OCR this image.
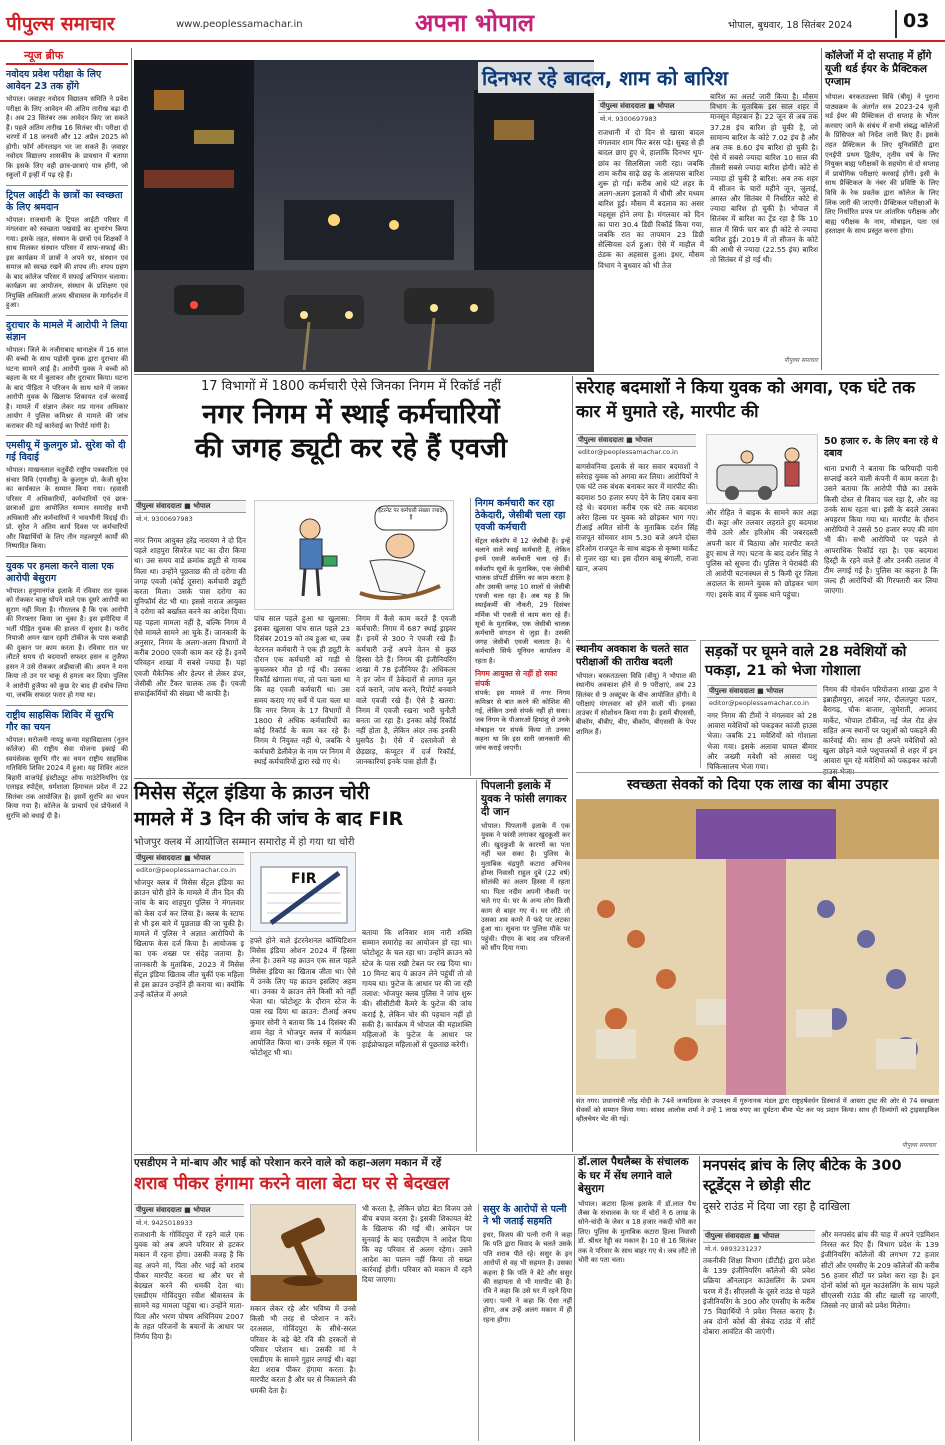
पीपुल्स समाचार	www.peoplessamachar.in	अपना भोपाल	भोपाल, बुधवार, 18 सितंबर 2024	03
न्यूज ब्रीफ
नवोदय प्रवेश परीक्षा के लिए आवेदन 23 तक होंगे
भोपाल। जवाहर नवोदय विद्यालय समिति ने प्रवेश परीक्षा के लिए आवेदन की अंतिम तारीख बढ़ा दी है। अब 23 सितंबर तक आवेदन किए जा सकते हैं। पहले अंतिम तारीख 16 सितंबर थी। परीक्षा दो चरणों में 18 जनवरी और 12 अप्रैल 2025 को होगी। फॉर्म ऑनलाइन भर जा सकते हैं। जवाहर नवोदय विद्यालय शासकीय के प्रावधान में बताया कि इसके लिए वही छात्र-छात्राएं पात्र होंगी, जो स्कूलों में इन्हीं में पढ़ रहे हैं।
ट्रिपल आईटी के छात्रों का स्वच्छता के लिए श्रमदान
भोपाल। राजधानी के ट्रिपल आईटी परिसर में मंगलवार को स्वच्छता पखवाड़े का शुभारंभ किया गया। इसके तहत, संस्थान के छात्रों एवं शिक्षकों ने साथ मिलकर संस्थान परिसर में साफ-सफाई की। इस कार्यक्रम में छात्रों ने अपने घर, संस्थान एवं समाज को स्वच्छ रखने की शपथ ली। शपथ ग्रहण के बाद कॉलेज परिसर में सफाई अभियान चलाया। कार्यक्रम का आयोजन, संस्थान के प्रशिक्षण एवं नियुक्ति अधिकारी अजय श्रीवास्तव के मार्गदर्शन में हुआ।
दुराचार के मामले में आरोपी ने लिया संज्ञान
भोपाल। जिले के नजीराबाद थानाक्षेत्र में 16 साल की बच्ची के साथ पड़ोसी युवक द्वारा दुराचार की घटना सामने आई है। आरोपी युवक ने बच्ची को बहला के घर में बुलाकर और दुराचार किया। घटना के बाद पीड़िता ने परिजन के साथ थाने में जाकर आरोपी युवक के खिलाफ शिकायत दर्ज करवाई है। मामले में संज्ञान लेकर मप्र मानव अधिकार आयोग ने पुलिस कमिश्नर से मामले की जांच कराकर की गई कार्रवाई का रिपोर्ट मांगी है।
एमसीयू में कुलगुरु प्रो. सुरेश को दी गई विदाई
भोपाल। माखनलाल चतुर्वेदी राष्ट्रीय पत्रकारिता एवं संचार विवि (एमसीयू) के कुलगुरु प्रो. केजी सुरेश का कार्यकाल के सम्मान किया गया। रहवासी परिसर में अधिकारियों, कर्मचारियों एवं छात्र-छात्राओं द्वारा आयोजित सम्मान समारोह सभी अधिकारी और कर्मचारियों ने भावभीनी विदाई दी। प्रो. सुरेश ने अंतिम कार्य दिवस पर कर्मचारियों और विद्यार्थियों के लिए तीन महत्वपूर्ण कार्यों की निष्पादित किया।
युवक पर हमला करने वाला एक आरोपी बेसुराग
भोपाल। हनुमानगंज इलाके में रविवार रात युवक को रोककर चाकू घोंपने वाले एक दूसरे आरोपी का सुराग नहीं मिला है। गौरतलब है कि एक आरोपी की गिरफ्तार किया जा चुका है। इस हमीदिया में भर्ती पीड़ित युवक की हालत में सुधार है। फरोद नियाजी अमन खान रहमी टॉकीज के पास कबाड़ी की दुकान पर काम करता है। रविवार रात घर लौटते समय दो बदमाशों सफदर हसन व तुजैफा हसन ने उसे रोककर अड़ीबाजी की। अमन ने मना किया तो उन पर चाकू से हमला कर दिया। पुलिस ने आरोपी हुजैफा को कुछ देर बाद ही दबोच लिया था, जबकि सफदर फरार हो गया था।
राष्ट्रीय साहसिक शिविर में सुरभि गौर का चयन
भोपाल। सरोजनी नायडू कन्या महाविद्यालय (नूतन कॉलेज) की राष्ट्रीय सेवा योजना इकाई की स्वयंसेवक सुरभि गौर का चयन राष्ट्रीय साहसिक गतिविधि शिविर 2024 में हुआ। यह शिविर अटल बिहारी वाजपेई इंस्टीट्यूट ऑफ माउंटेनियरिंग एंड एलाइड स्पोर्ट्स, धर्मशाला हिमाचल प्रदेश में 22 सितंबर तक आयोजित है। इसमें सुरभि का चयन किया गया है। कॉलेज के प्राचार्य एवं प्रोफेसर्स ने सुरभि को बधाई दी है।
दिनभर रहे बादल, शाम को बारिश
पीपुल्स संवाददाता ■ भोपाल
मो.नं. 9300697983
राजधानी में दो दिन से खासा बादल मंगलवार शाम फिर बरस पड़े। सुबह से ही बादल छाए हुए थे, हालांकि दिनभर धूप-छांव का सिलसिला जारी रहा। जबकि शाम करीब साढ़े छह के आसपास बारिश शुरू हो गई। करीब आधे घंटे शहर के अलग-अलग इलाकों में धीमी और मध्यम बारिश हुई। मौसम में बदलाव का असर महसूस होने लगा है। मंगलवार को दिन का पारा 30.4 डिग्री रिकॉर्ड किया गया, जबकि रात का तापमान 23 डिग्री सेल्सियस दर्ज हुआ। ऐसे में माहौल में ठंडक का अहसास हुआ। इधर, मौसम विभाग ने बुधवार को भी तेज
बारिश का अलर्ट जारी किया है। मौसम विभाग के मुताबिक इस साल शहर में मानसून मेहरबान है। 22 जून से अब तक 37.28 इंच बारिश हो चुकी है, जो सामान्य बारिश के कोटे 7.02 इंच है और अब तक 8.60 इंच बारिश हो चुकी है। ऐसे में सबसे ज्यादा बारिश 10 साल की तीसरी सबसे ज्यादा बारिश होगी। कोटे से ज्यादा हो चुकी है बारिश: अब तक शहर में सीजन के चारों महीने जून, जुलाई, अगस्त और सितंबर में निर्धारित कोटे से ज्यादा बारिश हो चुकी है। भोपाल में सितंबर में बारिश का ट्रेंड रहा है कि 10 साल में सिर्फ चार बार ही कोटे से ज्यादा बारिश हुई। 2019 में तो सीजन के कोटे की आधी से ज्यादा (22.55 इंच) बारिश तो सितंबर में हो गई थी।
पीपुल्स समाचार
कॉलेजों में दो सप्ताह में होंगे यूजी थर्ड ईयर के प्रैक्टिकल एग्जाम
भोपाल। बरकतउल्ला विवि (बीयू) ने पुराना पाठ्यक्रम के अंतर्गत सत्र 2023-24 यूजी थर्ड ईयर की प्रैक्टिकल दो सप्ताह के भीतर करवाए जाने के संबंध में सभी संबद्ध कॉलेजों के प्रिंसिपल को निर्देश जारी किए हैं। इसके तहत प्रैक्टिकल के लिए यूनिवर्सिटी द्वारा एनईपी प्रथम द्वितीय, तृतीय वर्ष के लिए नियुक्त बाह्य परीक्षकों के सहयोग से दो सप्ताह में प्रायोगिक परीक्षाएं करवाई होंगी। इसी के साथ प्रैक्टिकल के नंबर की प्रविष्टि के लिए विधि के रेक प्रवर्तक द्वारा कॉलेज के लिए लिंक जारी की जाएगी। प्रैक्टिकल परीक्षाओं के लिए निर्धारित प्रपत्र पर आंतरिक परीक्षक और बाह्य परीक्षक के नाम, मोबाइल, पता एवं हस्ताक्षर के साथ प्रस्तुत करना होगा।
17 विभागों में 1800 कर्मचारी ऐसे जिनका निगम में रिकॉर्ड नहीं
नगर निगम में स्थाई कर्मचारियों
की जगह ड्यूटी कर रहे हैं एवजी
पीपुल्स संवाददाता ■ भोपाल
मो.नं. 9300697983
ईंटरनेट पर कर्मचारी संख्या ज्यादा है
नगर निगम आयुक्त हरेंद्र नारायण ने दो दिन पहले शाहपुरा सिवरेज घाट का दौरा किया था। उस समय वार्ड क्रमांक ड्यूटी से गायब मिला था। उन्होंने पूछताछ की तो दरोगा की जगह एवजी (कोई दूसरा) कर्मचारी ड्यूटी करता मिला। उसके पास दरोगा का यूनिफॉर्म सेट भी था। इससे नाराज आयुक्त ने दरोगा को बर्खास्त करने का आदेश दिया। यह पहला मामला नहीं है, बल्कि निगम में ऐसे मामले सामने आ चुके हैं। जानकारी के अनुसार, निगम के अलग-अलग विभागों में करीब 2000 एवजी काम कर रहे हैं। इनमें परिवहन शाखा में सबसे ज्यादा हैं। यहां एवजी मैकेनिक और हेल्पर से लेकर डंपर, जेसीबी और टैंकर चालक तक हैं। एवजी सफाईकर्मियों की संख्या भी काफी है।
पांच साल पहले हुआ था खुलासा: इसका खुलासा पांच साल पहले 23 दिसंबर 2019 को तब हुआ था, जब वेटरनल कर्मचारी ने एक ही ड्यूटी के दौरान एक कर्मचारी को गाड़ी से कुचलकर मौत हो गई थी। उसका रिकॉर्ड खंगाला गया, तो पता चला था कि वह एवजी कर्मचारी था। उस समय कराए गए सर्वे में पता चला था कि नगर निगम के 17 विभागों में 1800 से अधिक कर्मचारियों का कोई रिकॉर्ड के काम कर रहे हैं। निगम मे नियुक्त नहीं थे, जबकि ये कर्मचारी डेलीवेज़ के नाम पर निगम में स्थाई कर्मचारियों द्वारा रखे गए थे।
निगम में कैसे काम करते हैं एवजी कर्मचारी: निगम में 687 स्थाई ड्राइवर हैं। इनमें से 300 ने एवजी रखे हैं। कर्मचारी उन्हें अपने वेतन से कुछ हिस्सा देते हैं। निगम की इंजीनियरिंग शाखा में 78 इंजीनियर हैं। अधिकतर ने हर जोन में ठेकेदारों से लागत मूल दर्ज कराने, जांच करने, रिपोर्ट बनवाने वाले एवजी रखे हैं। ऐसे है खतरा: निगम में एवजी रखना भारी चुनौती बनता जा रहा है। इनका कोई रिकॉर्ड नहीं होता है, लेकिन अंदर तक इनकी घुसपैठ है। ऐसे में दस्तावेजों से छेड़छाड़, कंप्यूटर में दर्ज रिकॉर्ड, जानकारियां इनके पास होती हैं।
निगम कर्मचारी कर रहा ठेकेदारी, जेसीबी चला रहा एवजी कर्मचारी
सेंट्रल वर्कशॉप में 12 जेसीबी हैं। इन्हें चलाने वाले स्थाई कर्मचारी हैं, लेकिन इनमें एवजी कर्मचारी चला रहे हैं। वर्कशॉप सूत्रों के मुताबिक, एक जेसीबी चालक प्रॉपर्टी डीलिंग का काम करता है और उसकी जगह 10 सालों से जेसीबी एवजी चला रहा है। अब यह है कि स्थाईकर्मी की नौकरी, 29 दिसंबर मर्मिक भी एवजी से काम करा रहे हैं। सूत्रों के मुताबिक, एक जेसीबी चालक कर्मचारी संगठन से जुड़ा है। उसकी जगह जेसीबी एवजी चलाता है। ये कर्मचारी सिर्फ यूनियन कार्यालय में रहता है।
निगम आयुक्त से नहीं हो सका संपर्क
संपर्क: इस मामले में नगर निगम कमिश्नर से बात करने की कोशिश की गई, लेकिन उनसे संपर्क नहीं हो सका। जब निगम के पीआरओ हिमांशु से उनके मोबाइल पर संपर्क किया तो उनका कहना था कि इस सारी जानकारी की जांच कराई जाएगी।
सरेराह बदमाशों ने किया युवक को अगवा, एक घंटे तक कार में घुमाते रहे, मारपीट की
पीपुल्स संवाददाता ■ भोपाल
editor@peoplessamachar.co.in
बागसेवनिया इलाके से कार सवार बदमाशों ने सरेराह युवक को अगवा कर लिया। आरोपियों ने एक घंटे तक बंधक बनाकर कार में मारपीट की। बदमाश 50 हजार रुपए देने के लिए दबाव बना रहे थे। बदमाश करीब एक घंटे तक बदमाश अरेरा हिल्स पर युवक को छोड़कर भाग गए। टीआई अमित सोनी के मुताबिक दर्शन सिंह राजपूत सोमवार शाम 5.30 बजे अपने दोस्त हरिओम राजपूत के साथ बाइक से कृष्णा मार्केट से गुजर रहा था। इस दौरान बाबू बंगाली, राजा खान, अजय
50 हजार रु. के लिए बना रहे थे दबाव
और रोहित ने बाइक के सामने कार अड़ा दी। कट्टा और तलवार लहराते हुए बदमाश नीचे उतरे और हरिओम की जबरदस्ती अपनी कार में बिठाया और मारपीट करते हुए साथ ले गए। घटना के बाद दर्शन सिंह ने पुलिस को सूचना दी। पुलिस ने घेराबंदी की तो आरोपी घटनास्थल से 5 किमी दूर जिला अदालत के सामने युवक को छोड़कर भाग गए। इसके बाद में युवक थाने पहुंचा।
थाना प्रभारी ने बताया कि फरियादी पानी सप्लाई करने वाली कंपनी में काम करता है। उसने बताया कि आरोपी पीछे का उसके किसी दोस्त से विवाद चल रहा है, और वह उनके साथ रहता था। इसी के बदले उसका अपहरण किया गया था। मारपीट के दौरान आरोपियों ने उससे 50 हजार रुपए की मांग भी की। सभी आरोपियों पर पहले से आपराधिक रिकॉर्ड रहा है। एक बदमाश हिस्ट्री के रहने वाले हैं और उनकी तलाश में टीम लगाई गई है। पुलिस का कहना है कि जल्द ही आरोपियों की गिरफ्तारी कर लिया जाएगा।
स्थानीय अवकाश के चलते सात परीक्षाओं की तारीख बदली
भोपाल। बरकतउल्ला विवि (बीयू) ने भोपाल की स्थानीय अवकाश होने से 9 परीक्षाएं, अब 23 सितंबर से 9 अक्टूबर के बीच आयोजित होंगी। ये परीक्षाएं मंगलवार को होने वाली थीं। इनका ताउंबर में सोशोधन किया गया है। इसमें बीएससी, बीकॉम, बीबीए, बीए, बीकॉम, बीएससी के पेपर शामिल हैं।
सड़कों पर घूमने वाले 28 मवेशियों को पकड़ा, 21 को भेजा गोशाला
पीपुल्स संवाददाता ■ भोपाल
editor@peoplessamachar.co.in
नगर निगम की टीमों ने मंगलवार को 28 आवारा मवेशियों को पकड़कर कांजी हाउस भेजा। जबकि 21 मवेशियों को गोशाला भेजा गया। इसके अलावा घायल बीमार और जख्मी मवेशी को आसरा पशु चिकित्सालय भेजा गया।
निगम की गोवर्धन परियोजना शाखा द्वारा ने इब्राहीमपुरा, आदर्श नगर, दौलतपुरा पठार, बैरागढ़, चौक बाजार, जुमेराती, आजाद मार्केट, भोपाल टॉकीज, नई जेल रोड क्षेत्र सहित अन्य स्थानों पर पशुओं को पकड़ने की कार्रवाई की। साथ ही अपने मवेशियों को खुला छोड़ने वाले पशुपालकों से शहर में इन आवारा घूम रहे मवेशियों को पकड़कर कांजी हाउस भेजा।
मिसेस सेंट्रल इंडिया के क्राउन चोरी
मामले में 3 दिन की जांच के बाद FIR
भोजपुर क्लब में आयोजित सम्मान समारोह में हो गया था चोरी
पीपुल्स संवाददाता ■ भोपाल
editor@peoplessamachar.co.in
भोजपुर क्लब में मिसेस सेंट्रल इंडिया का क्राउन चोरी होने के मामले में तीन दिन की जांच के बाद शाहपुरा पुलिस ने मंगलवार को केस दर्ज कर लिया है। क्लब के स्टाफ से भी इस बारे में पूछताछ की जा चुकी है। मामले में पुलिस ने अज्ञात आरोपियों के खिलाफ केस दर्ज किया है। आयोजक इ का एक शख्स पर संदेह जताया है। जानकारी के मुताबिक, 2023 में मिसेस सेंट्रल इंडिया खिताब जीत चुकीं एक महिला से इस क्राउन उन्होंने ही कराया था। क्योंकि उन्हें कॉलेज में अगले
FIR
हफ्ते होने वाले इंटरनेशनल कॉम्पिटिशन मिसेस इंडिया ओशन 2024 में हिस्सा लेना है। उसने यह क्राउन एक साल पहले मिसेस इंडिया का खिताब जीता था। ऐसे में उनके लिए यह क्राउन इसलिए अहम था। उनका ये क्राउन लेने किसी को नहीं भेजा था। फोटोशूट के दौरान स्टेज के पास रख दिया था क्राउन: टीआई अवध कुमार सोनी ने बताया कि 14 दिसंबर की शाम नेहा ने भोजपुर क्लब में कार्यक्रम आयोजित किया था। उनके स्कूल में एक फोटोशूट भी था।
बताया कि शनिवार शाम नारी शक्ति सम्मान समारोह का आयोजन हो रहा था। फोटोशूट के चल रहा था। उन्होंने क्राउन को स्टेज के पास रखी टेबल पर रख दिया था। 10 मिनट बाद ये क्राउन लेने पहुंचीं तो वो गायब था। फुटेज के आधार पर की जा रही तलाश: भोजपुर क्लब पुलिस ने जांच शुरू की। सीसीटीवी कैमरे के फुटेज की जांच कराई है, लेकिन चोर की पहचान नहीं हो सकी है। कार्यक्रम में भोपाल की महाशक्ति महिलाओं के फुटेज के आधार पर हाईप्रोफाइल महिलाओं से पूछताछ करेगी।
पिपलानी इलाके में युवक ने फांसी लगाकर दी जान
भोपाल। पिपलानी इलाके में एक युवक ने फांसी लगाकर खुदकुशी कर ली। खुदकुशी के कारणों का पता नहीं चल सका है। पुलिस के मुताबिक चंद्रपुरी कटारा अभिनव होम्स निवासी राहुल दुबे (22 वर्ष) सोलंकी का अलग हिस्सा में रहता था। पिता नदीम अपनी नौकरी पर चले गए थे। घर के अन्य लोग किसी काम से बाहर गए थे। घर लौटे तो उसका शव कमरे में फंदे पर लटका हुआ था। सूचना पर पुलिस मौके पर पहुंची। पीएम के बाद शव परिजनों को सौंप दिया गया।
स्वच्छता सेवकों को दिया एक लाख का बीमा उपहार
संत नगर। प्रधानमंत्री नरेंद्र मोदी के 74वें जन्मदिवस के उपलक्ष्य में गुरुनानक मंडल द्वारा राष्ट्रहर्षवर्धन डिस्चार्ज में आसरा ट्रस्ट की ओर से 74 स्वच्छता सेवकों को सम्मान किया गया। सांसद आलोक शर्मा ने उन्हें 1 लाख रुपए का दुर्घटना बीमा भेंट कर पद प्रदान किया। साथ ही दिव्यांगों को ट्राइसाइकिल व्हीलचेयर भेंट की गई।
पीपुल्स समाचार
एसडीएम ने मां-बाप और भाई को परेशान करने वाले को कहा-अलग मकान में रहें
शराब पीकर हंगामा करने वाला बेटा घर से बेदखल
पीपुल्स संवाददाता ■ भोपाल
मो.नं. 9425018933
राजधानी के गोविंदपुरा में रहने वाले एक युवक को अब अपने परिवार से हटकर मकान में रहना होगा। उसकी वजह है कि वह अपने मां, पिता और भाई को शराब पीकर मारपीट करता था और घर से बेदखल करने की धमकी देता था। एसडीएम गोविंदपुरा रवीश श्रीवास्तव के सामने यह मामला पहुंचा था। उन्होंने माता-पिता और भरण पोषण अधिनियम 2007 के तहत परिजनों के बयानों के आधार पर निर्णय दिया है।
मकान लेकर रहे और भविष्य में उनसे किसी भी तरह से परेशान न करें। दरअसल, गोविंदपुरा के सीधे-सरल परिवार के बड़े बेटे रवि की हरकतों से परिवार परेशान था। उसकी मां ने एसडीएम के सामने गुहार लगाई थी। बड़ा बेटा शराब पीकर हंगामा करता है। मारपीट करता है और घर से निकालने की धमकी देता है।
भी करता है, लेकिन छोटा बेटा विजय उसे बीच बचाव करता है। इसकी शिकायत बेटे के खिलाफ की गई थी। आवेदन पर सुनवाई के बाद एसडीएम ने आदेश दिया कि वह परिवार से अलग रहेगा। उसने आदेश का पालन नहीं किया तो सख्त कार्रवाई होगी। परिवार को मकान में रहने दिया जाएगा।
ससुर के आरोपों से पत्नी ने भी जताई सहमति
इधर, विजय की पत्नी रानी ने कहा कि पति द्वारा विवाद के चलते उसके पति शराब पीते रहे। ससुर के इन आरोपों से वह भी सहमत है। उसका कहना है कि पति ने बेटे और ससुर की सहायता से भी मारपीट की है। रवि ने कहा कि उसे घर में रहने दिया जाए। पत्नी ने कहा कि ऐसा नहीं होगा, अब उन्हें अलग मकान में ही रहना होगा।
डॉ.लाल पैथलैब्स के संचालक के घर में सेंध लगाने वाले बेसुराग
भोपाल। कटारा हिल्स इलाके में डॉ.लाल पैथ लैब्स के संचालक के घर में चोरों ने 6 लाख के सोने-चांदी के जेवर व 18 हजार नकदी चोरी कर लिए। पुलिस के मुताबिक कटारा हिल्स निवासी डॉ. श्रीधर रेड्डी का मकान है। 10 से 16 सितंबर तक वे परिवार के साथ बाहर गए थे। जब लौटे तो चोरी का पता चला।
मनपसंद ब्रांच के लिए बीटेक के 300 स्टूडेंट्स ने छोड़ी सीट
दूसरे राउंड में दिया जा रहा है दाखिला
पीपुल्स संवाददाता ■ भोपाल
मो.नं. 9893231237
तकनीकी शिक्षा विभाग (डीटीई) द्वारा प्रदेश के 139 इंजीनियरिंग कॉलेजों की प्रवेश प्रक्रिया ऑनलाइन काउंसलिंग के प्रथम चरण में हैं। सीएलसी के दूसरे राउंड से पहले इंजीनियरिंग के 300 और एमसीए के करीब 75 विद्यार्थियों ने प्रवेश निरस्त कराए हैं। अब दोनों कोर्स की सेकंड राउंड में सीटें दोबारा आवंटित की जाएंगी।
और मनपसंद ब्रांच की चाह में अपने एडमिशन निरस्त कर दिए हैं। विभाग प्रदेश के 139 इंजीनियरिंग कॉलेजों की लगभग 72 हजार सीटों और एमसीए के 209 कॉलेजों की करीब 56 हजार सीटों पर प्रवेश करा रहा है। इन दोनों कोर्स को मूल काउंसलिंग के साथ पहले सीएलसी राउंड की सीट खाली रह जाएगी, जिससे नए छात्रों को प्रवेश मिलेगा।
